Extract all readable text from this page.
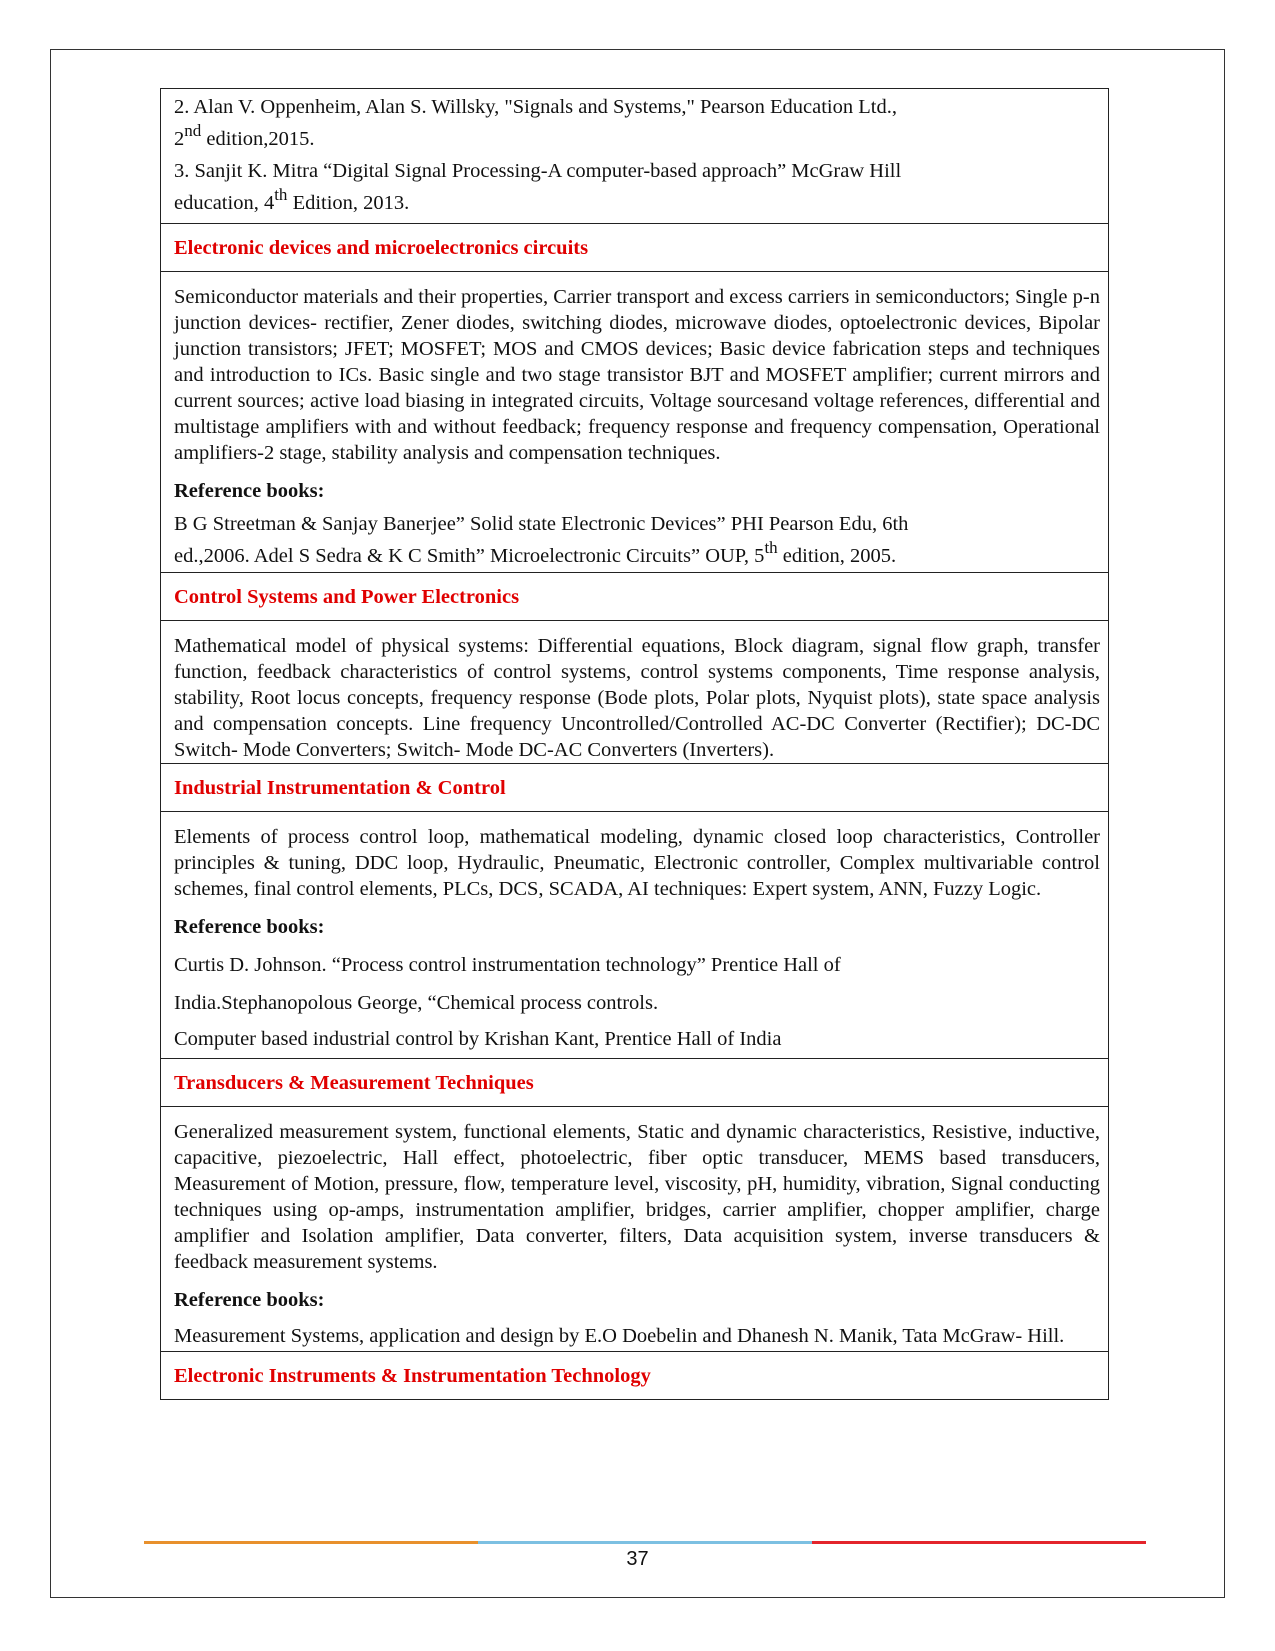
2. Alan V. Oppenheim, Alan S. Willsky, "Signals and Systems," Pearson Education Ltd.,

2nd edition,2015.

3. Sanjit K. Mitra “Digital Signal Processing-A computer-based approach” McGraw Hill

education, 4th Edition, 2013.

Electronic devices and microelectronics circuits

Semiconductor materials and their properties, Carrier transport and excess carriers in semiconductors; Single p-n junction devices- rectifier, Zener diodes, switching diodes, microwave diodes, optoelectronic devices, Bipolar junction transistors; JFET; MOSFET; MOS and CMOS devices; Basic device fabrication steps and techniques and introduction to ICs. Basic single and two stage transistor BJT and MOSFET amplifier; current mirrors and current sources; active load biasing in integrated circuits, Voltage sourcesand voltage references, differential and multistage amplifiers with and without feedback; frequency response and frequency compensation, Operational amplifiers-2 stage, stability analysis and compensation techniques.

Reference books:

B G Streetman & Sanjay Banerjee” Solid state Electronic Devices” PHI Pearson Edu, 6th

ed.,2006. Adel S Sedra & K C Smith” Microelectronic Circuits” OUP, 5th edition, 2005.

Control Systems and Power Electronics

Mathematical model of physical systems: Differential equations, Block diagram, signal flow graph, transfer function, feedback characteristics of control systems, control systems components, Time response analysis, stability, Root locus concepts, frequency response (Bode plots, Polar plots, Nyquist plots), state space analysis and compensation concepts. Line frequency Uncontrolled/Controlled AC-DC Converter (Rectifier); DC-DC Switch- Mode Converters; Switch- Mode DC-AC Converters (Inverters).

Industrial Instrumentation & Control

Elements of process control loop, mathematical modeling, dynamic closed loop characteristics, Controller principles & tuning, DDC loop, Hydraulic, Pneumatic, Electronic controller, Complex multivariable control schemes, final control elements, PLCs, DCS, SCADA, AI techniques: Expert system, ANN, Fuzzy Logic.

Reference books:

Curtis D. Johnson. “Process control instrumentation technology” Prentice Hall of

India.Stephanopolous George, “Chemical process controls.

Computer based industrial control by Krishan Kant, Prentice Hall of India

Transducers & Measurement Techniques

Generalized measurement system, functional elements, Static and dynamic characteristics, Resistive, inductive, capacitive, piezoelectric, Hall effect, photoelectric, fiber optic transducer, MEMS based transducers, Measurement of Motion, pressure, flow, temperature level, viscosity, pH, humidity, vibration, Signal conducting techniques using op-amps, instrumentation amplifier, bridges, carrier amplifier, chopper amplifier, charge amplifier and Isolation amplifier, Data converter, filters, Data acquisition system, inverse transducers & feedback measurement systems.

Reference books:

Measurement Systems, application and design by E.O Doebelin and Dhanesh N. Manik, Tata McGraw- Hill.

Electronic Instruments & Instrumentation Technology
37
